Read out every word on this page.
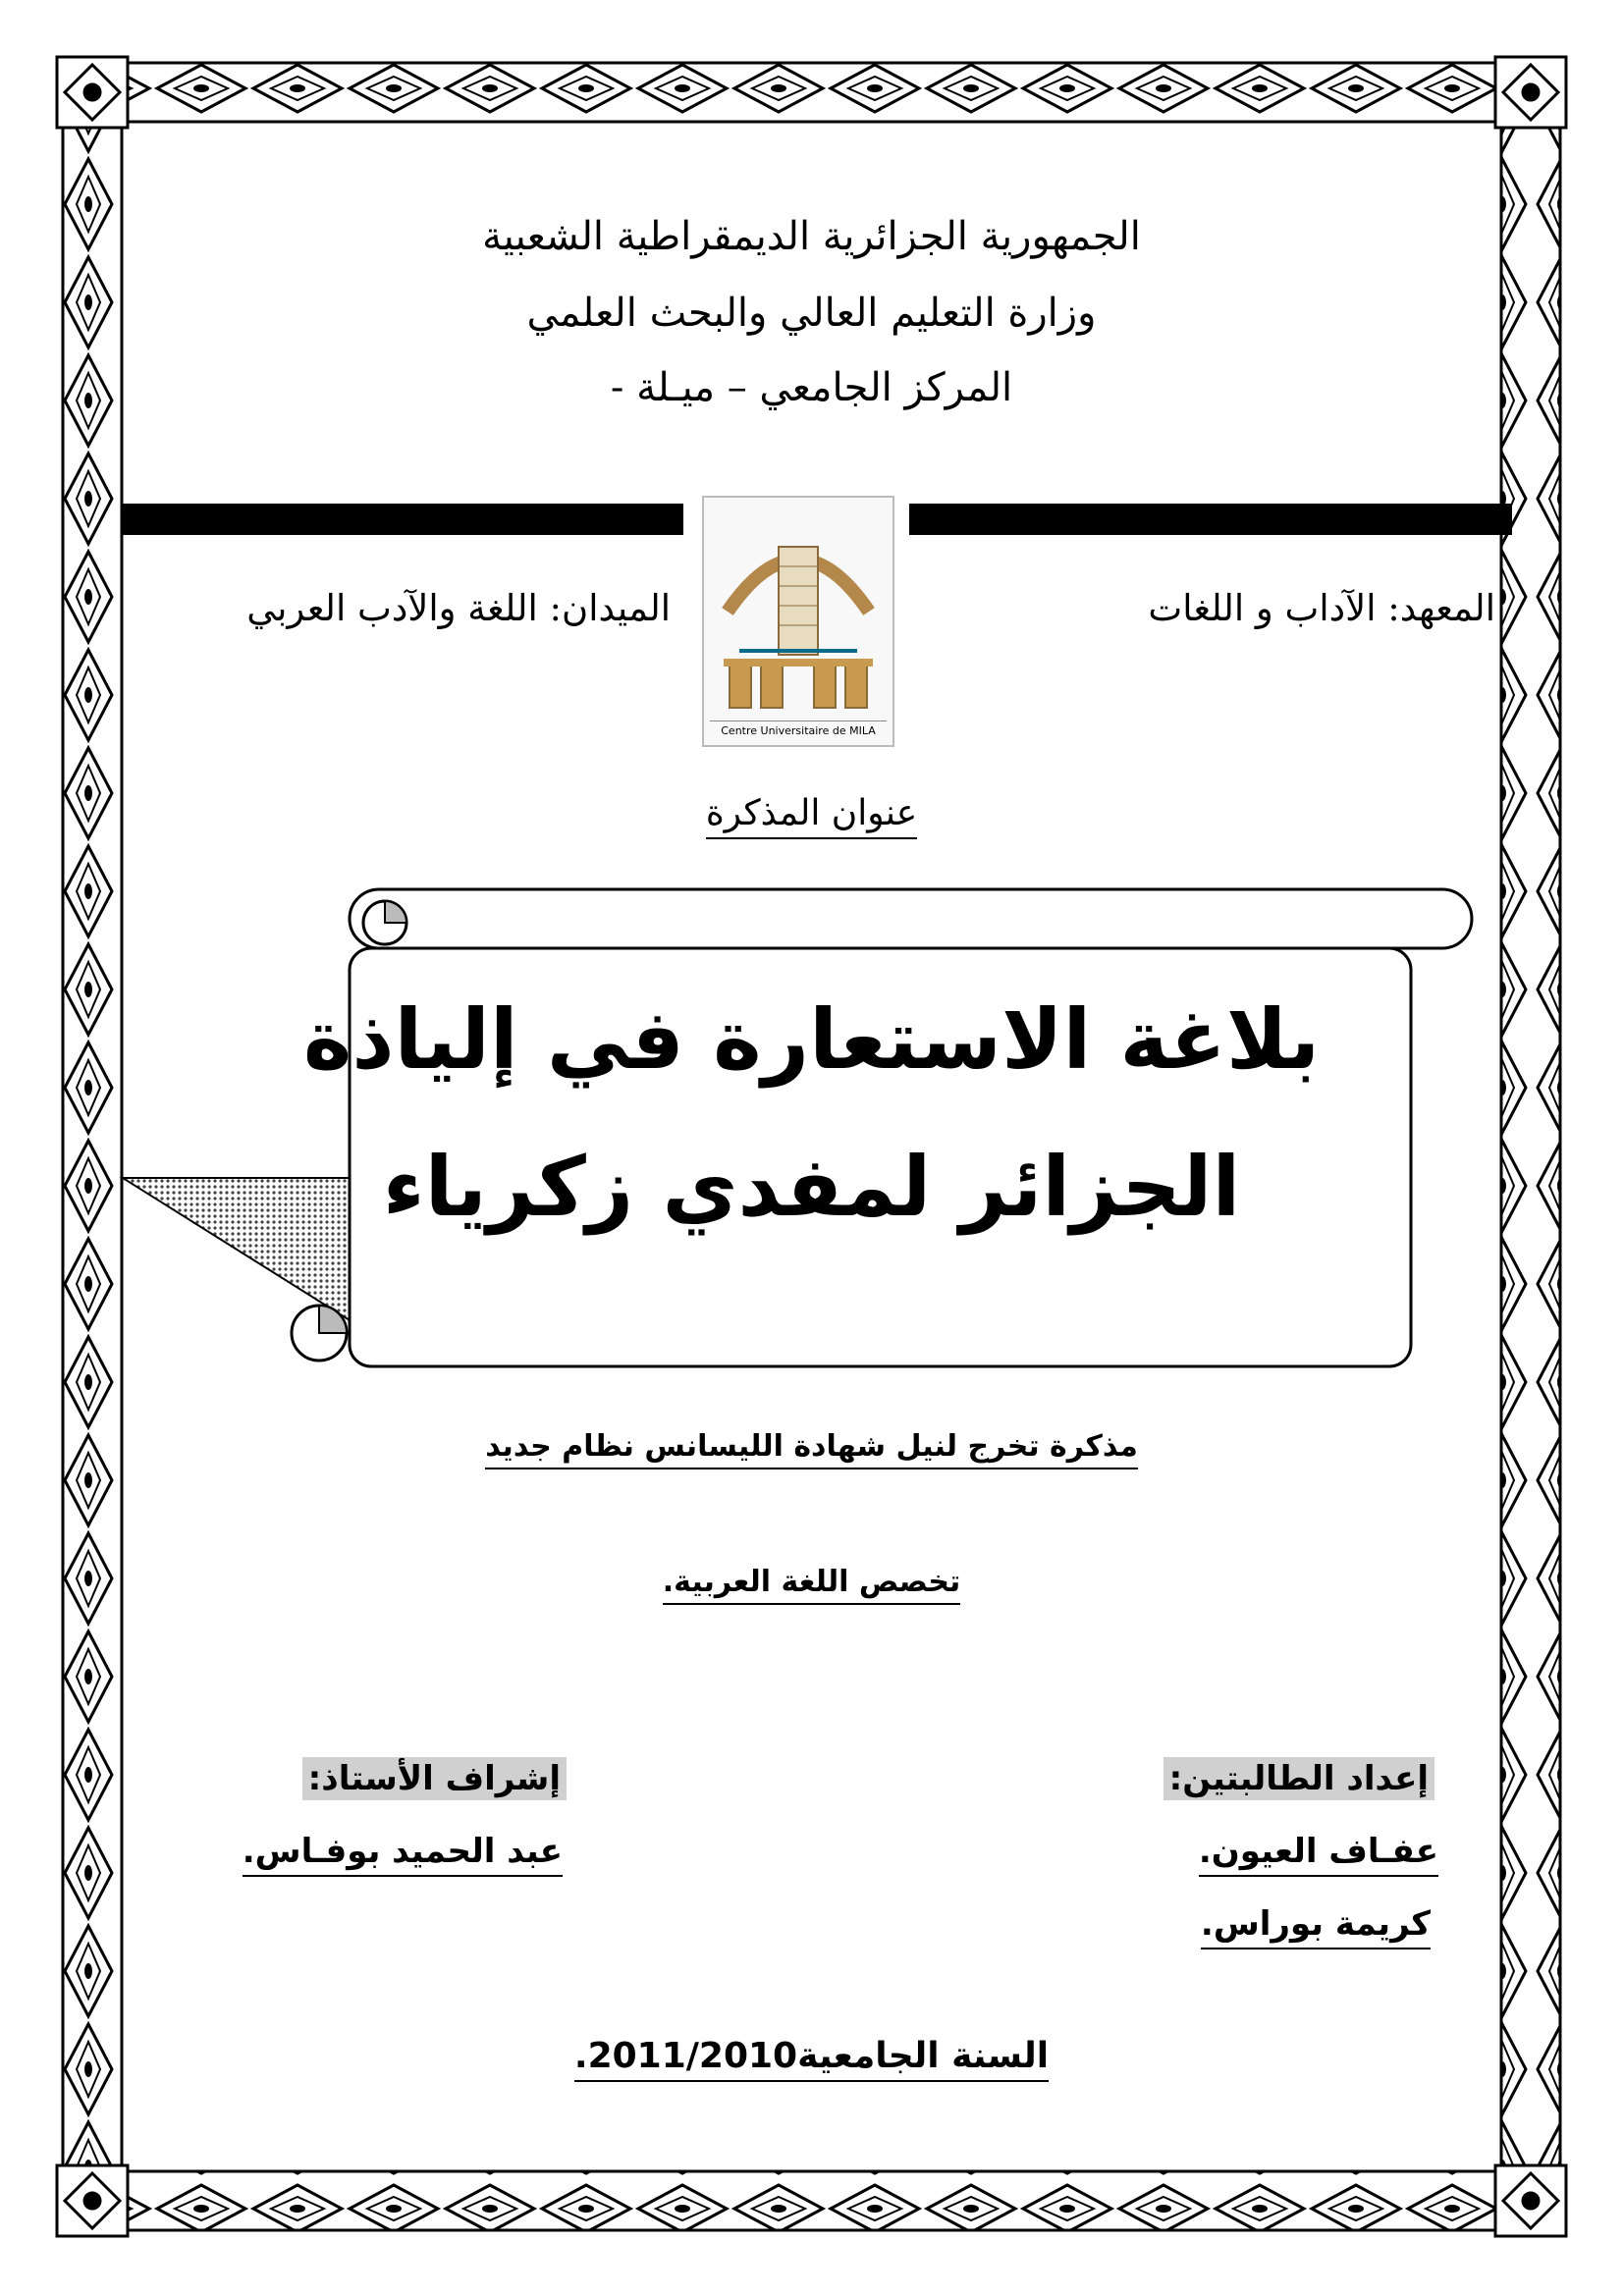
الجمهورية الجزائرية الديمقراطية الشعبية
وزارة التعليم العالي والبحث العلمي
المركز الجامعي – ميـلة -
Centre Universitaire de MILA
المعهد: الآداب و اللغات
الميدان: اللغة والآدب العربي
عنوان المذكرة
بلاغة الاستعارة في إلياذة
الجزائر لمفدي زكرياء
مذكرة تخرج لنيل شهادة الليسانس نظام جديد
تخصص اللغة العربية.
إعداد الطالبتين:
عفـاف العيون.
كريمة بوراس.
إشراف الأستاذ:
عبد الحميد بوفـاس.
السنة الجامعية2011/2010.
